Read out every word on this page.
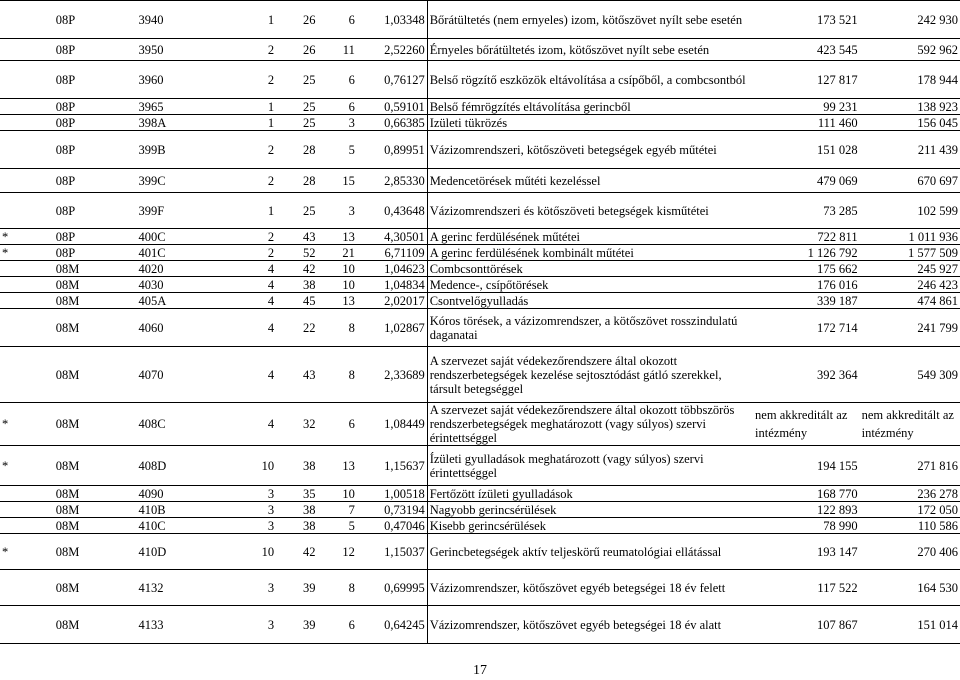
	08P	3940	1	26	6	1,03348	Bőrátültetés (nem ernyeles) izom, kötőszövet nyílt sebe esetén	173 521	242 930
	08P	3950	2	26	11	2,52260	Érnyeles bőrátültetés izom, kötőszövet nyílt sebe esetén	423 545	592 962
	08P	3960	2	25	6	0,76127	Belső rögzítő eszközök eltávolítása a csípőből, a combcsontból	127 817	178 944
	08P	3965	1	25	6	0,59101	Belső fémrögzítés eltávolítása gerincből	99 231	138 923
	08P	398A	1	25	3	0,66385	Izületi tükrözés	111 460	156 045
	08P	399B	2	28	5	0,89951	Vázizomrendszeri, kötőszöveti betegségek egyéb műtétei	151 028	211 439
	08P	399C	2	28	15	2,85330	Medencetörések műtéti kezeléssel	479 069	670 697
	08P	399F	1	25	3	0,43648	Vázizomrendszeri és kötőszöveti betegségek kisműtétei	73 285	102 599
*	08P	400C	2	43	13	4,30501	A gerinc ferdülésének műtétei	722 811	1 011 936
*	08P	401C	2	52	21	6,71109	A gerinc ferdülésének kombinált műtétei	1 126 792	1 577 509
	08M	4020	4	42	10	1,04623	Combcsonttörések	175 662	245 927
	08M	4030	4	38	10	1,04834	Medence-, csípőtörések	176 016	246 423
	08M	405A	4	45	13	2,02017	Csontvelőgyulladás	339 187	474 861
	08M	4060	4	22	8	1,02867	Kóros törések, a vázizomrendszer, a kötőszövet rosszindulatú daganatai	172 714	241 799
	08M	4070	4	43	8	2,33689	A szervezet saját védekezőrendszere által okozott rendszerbetegségek kezelése sejtosztódást gátló szerekkel, társult betegséggel	392 364	549 309
*	08M	408C	4	32	6	1,08449	A szervezet saját védekezőrendszere által okozott többszörös rendszerbetegségek meghatározott (vagy súlyos) szervi érintettséggel	nem akkreditált az intézmény	nem akkreditált az intézmény
*	08M	408D	10	38	13	1,15637	Ízületi gyulladások meghatározott (vagy súlyos) szervi érintettséggel	194 155	271 816
	08M	4090	3	35	10	1,00518	Fertőzött ízületi gyulladások	168 770	236 278
	08M	410B	3	38	7	0,73194	Nagyobb gerincsérülések	122 893	172 050
	08M	410C	3	38	5	0,47046	Kisebb gerincsérülések	78 990	110 586
*	08M	410D	10	42	12	1,15037	Gerincbetegségek aktív teljeskörű reumatológiai ellátással	193 147	270 406
	08M	4132	3	39	8	0,69995	Vázizomrendszer, kötőszövet egyéb betegségei 18 év felett	117 522	164 530
	08M	4133	3	39	6	0,64245	Vázizomrendszer, kötőszövet egyéb betegségei 18 év alatt	107 867	151 014
17
